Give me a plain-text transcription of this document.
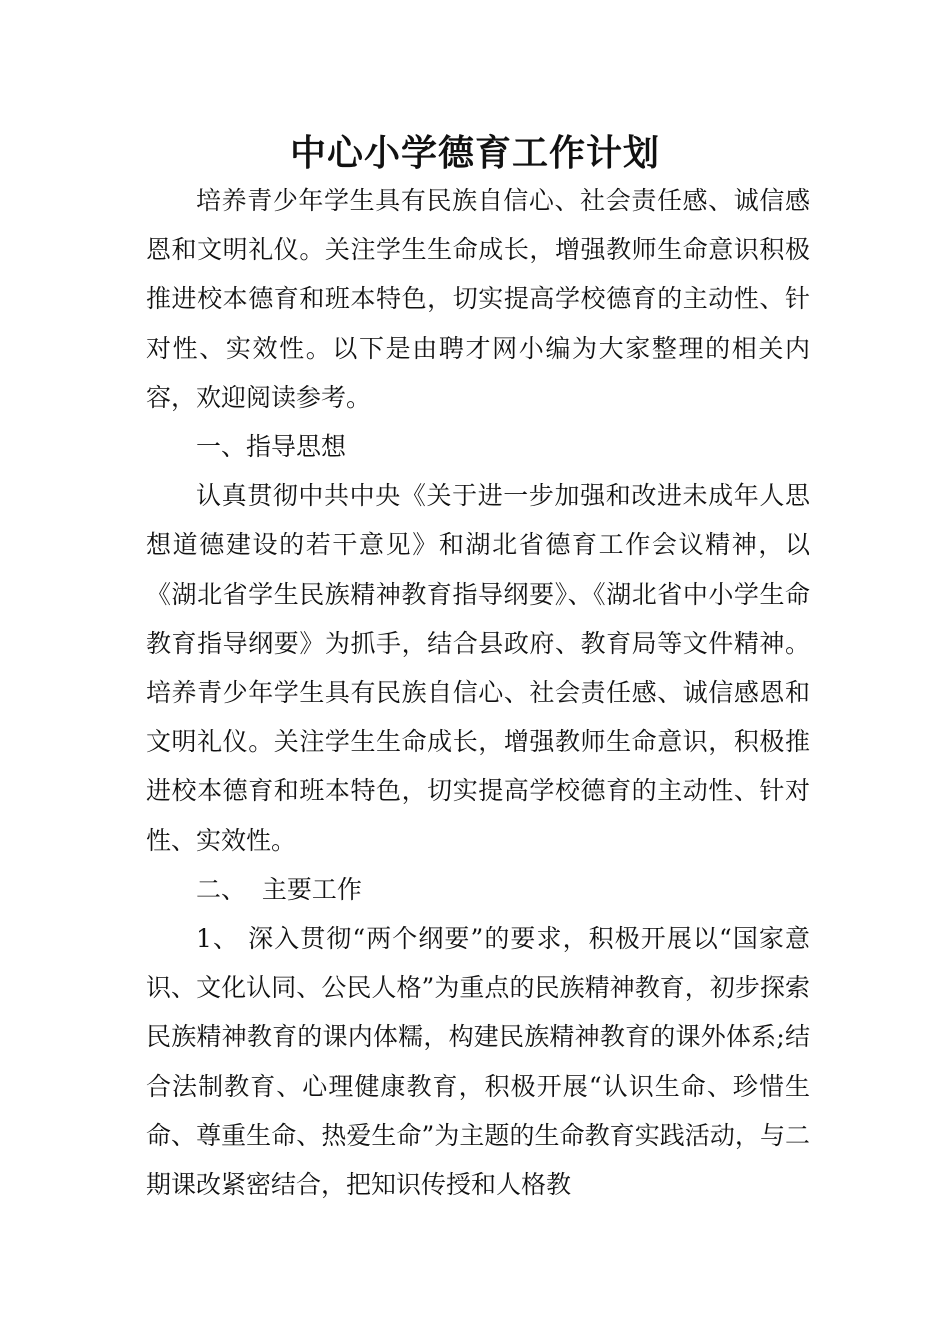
中心小学德育工作计划

培养青少年学生具有民族自信心、社会责任感、诚信感恩和文明礼仪。关注学生生命成长，增强教师生命意识积极推进校本德育和班本特色，切实提高学校德育的主动性、针对性、实效性。以下是由聘才网小编为大家整理的相关内容，欢迎阅读参考。

一、指导思想

认真贯彻中共中央《关于进一步加强和改进未成年人思想道德建设的若干意见》和湖北省德育工作会议精神，以《湖北省学生民族精神教育指导纲要》、《湖北省中小学生命教育指导纲要》为抓手，结合县政府、教育局等文件精神。培养青少年学生具有民族自信心、社会责任感、诚信感恩和文明礼仪。关注学生生命成长，增强教师生命意识，积极推进校本德育和班本特色，切实提高学校德育的主动性、针对性、实效性。

二、  主要工作

1、 深入贯彻“两个纲要”的要求，积极开展以“国家意识、文化认同、公民人格”为重点的民族精神教育，初步探索民族精神教育的课内体糯，构建民族精神教育的课外体系;结合法制教育、心理健康教育，积极开展“认识生命、珍惜生命、尊重生命、热爱生命”为主题的生命教育实践活动，与二期课改紧密结合，把知识传授和人格教
